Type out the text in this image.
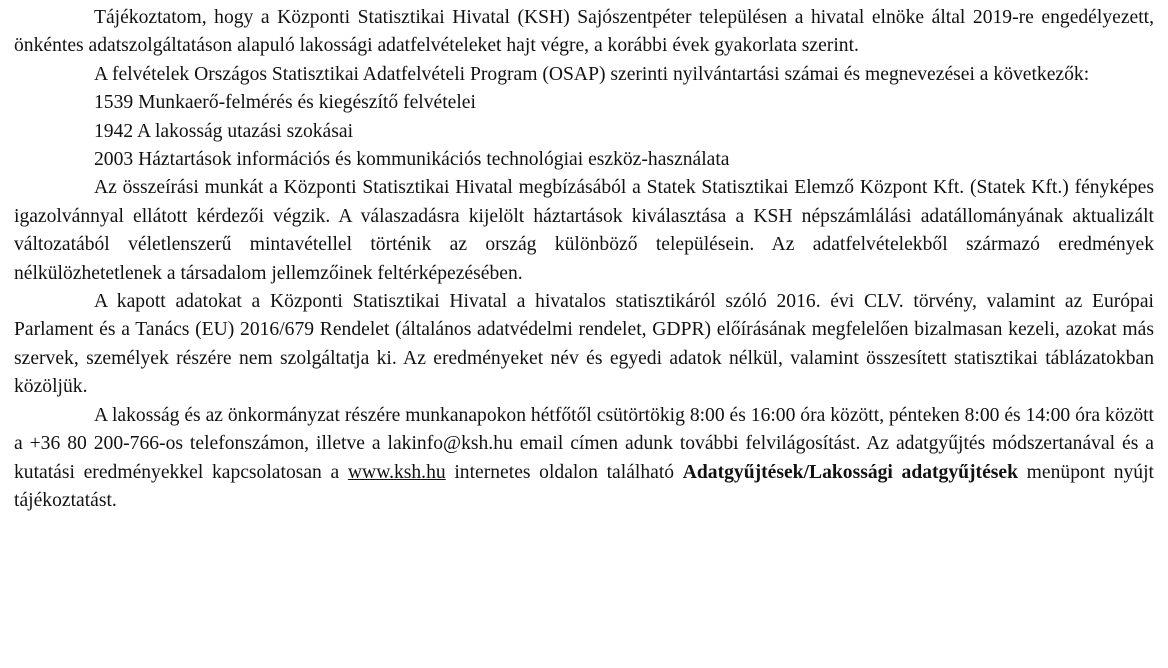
Tájékoztatom, hogy a Központi Statisztikai Hivatal (KSH) Sajószentpéter településen a hivatal elnöke által 2019-re engedélyezett, önkéntes adatszolgáltatáson alapuló lakossági adatfelvételeket hajt végre, a korábbi évek gyakorlata szerint.

A felvételek Országos Statisztikai Adatfelvételi Program (OSAP) szerinti nyilvántartási számai és megnevezései a következők:

1539 Munkaerő-felmérés és kiegészítő felvételei

1942 A lakosság utazási szokásai

2003 Háztartások információs és kommunikációs technológiai eszköz-használata

Az összeírási munkát a Központi Statisztikai Hivatal megbízásából a Statek Statisztikai Elemző Központ Kft. (Statek Kft.) fényképes igazolvánnyal ellátott kérdezői végzik. A válaszadásra kijelölt háztartások kiválasztása a KSH népszámlálási adatállományának aktualizált változatából véletlenszerű mintavétellel történik az ország különböző településein. Az adatfelvételekből származó eredmények nélkülözhetetlenek a társadalom jellemzőinek feltérképezésében.

A kapott adatokat a Központi Statisztikai Hivatal a hivatalos statisztikáról szóló 2016. évi CLV. törvény, valamint az Európai Parlament és a Tanács (EU) 2016/679 Rendelet (általános adatvédelmi rendelet, GDPR) előírásának megfelelően bizalmasan kezeli, azokat más szervek, személyek részére nem szolgáltatja ki. Az eredményeket név és egyedi adatok nélkül, valamint összesített statisztikai táblázatokban közöljük.

A lakosság és az önkormányzat részére munkanapokon hétfőtől csütörtökig 8:00 és 16:00 óra között, pénteken 8:00 és 14:00 óra között a +36 80 200-766-os telefonszámon, illetve a lakinfo@ksh.hu email címen adunk további felvilágosítást. Az adatgyűjtés módszertanával és a kutatási eredményekkel kapcsolatosan a www.ksh.hu internetes oldalon található Adatgyűjtések/Lakossági adatgyűjtések menüpont nyújt tájékoztatást.
